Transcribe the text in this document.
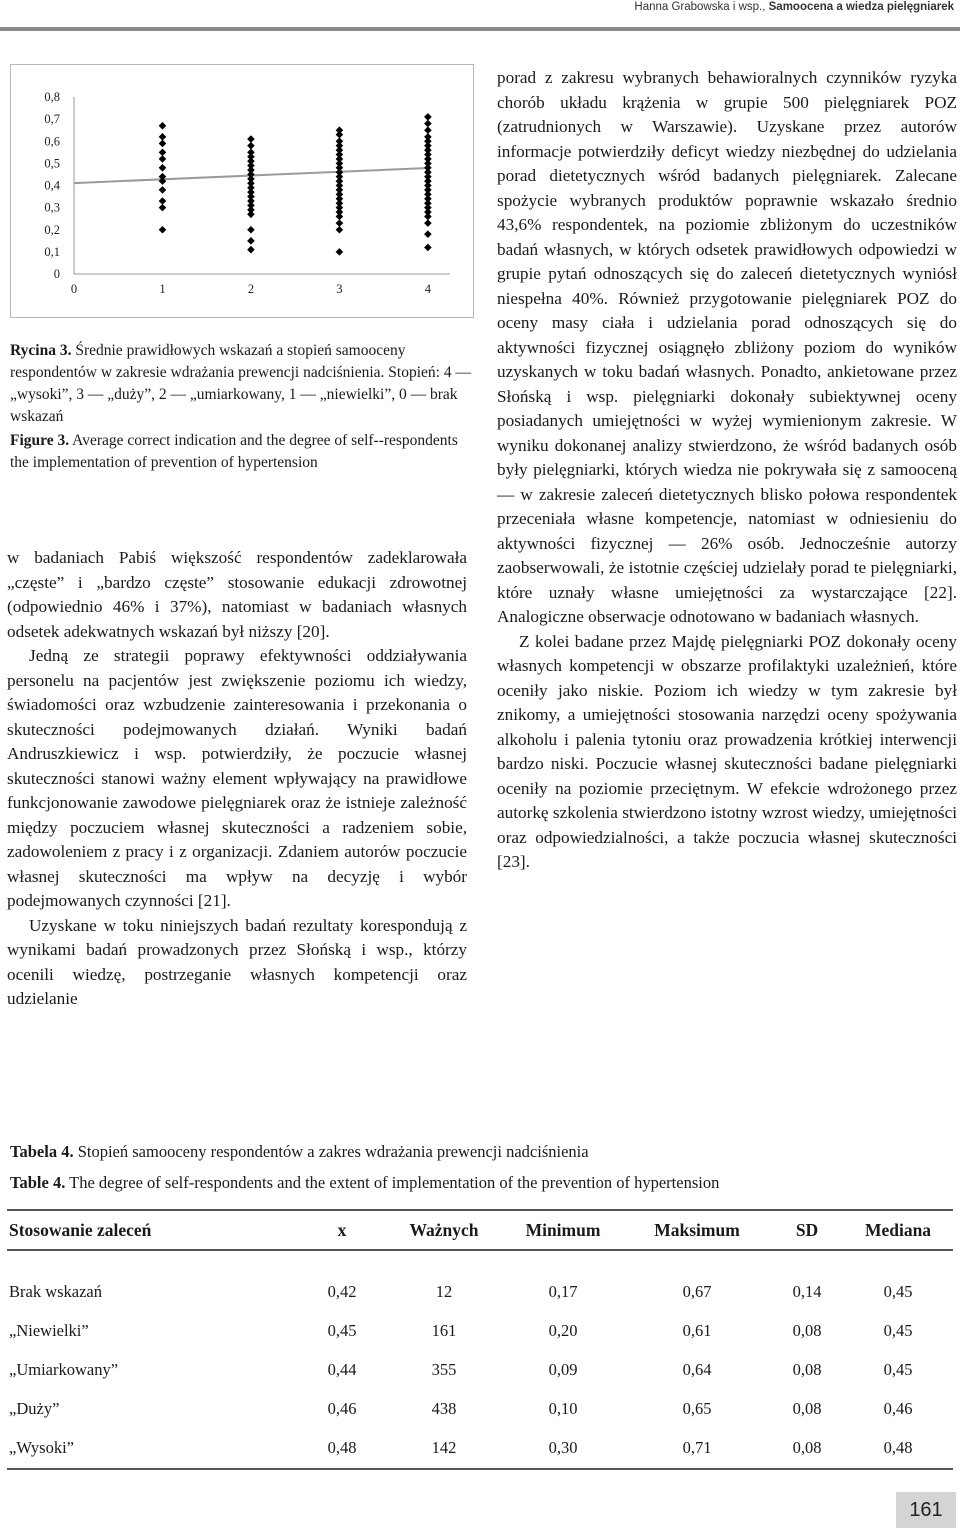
Hanna Grabowska i wsp., Samoocena a wiedza pielęgniarek
0
0,1
0,2
0,3
0,4
0,5
0,6
0,7
0,8
0	1	2	3	4
Rycina 3. Średnie prawidłowych wskazań a stopień samooceny respondentów w zakresie wdrażania prewencji nadciśnienia. Stopień: 4 — „wysoki”, 3 — „duży”, 2 — „umiarkowany, 1 — „niewielki”, 0 — brak wskazań
Figure 3. Average correct indication and the degree of self--respondents the implementation of prevention of hypertension

w badaniach Pabiś większość respondentów zadeklarowała „częste” i „bardzo częste” stosowanie edukacji zdrowotnej (odpowiednio 46% i 37%), natomiast w badaniach własnych odsetek adekwatnych wskazań był niższy [20].

Jedną ze strategii poprawy efektywności oddziaływania personelu na pacjentów jest zwiększenie poziomu ich wiedzy, świadomości oraz wzbudzenie zainteresowania i przekonania o skuteczności podejmowanych działań. Wyniki badań Andruszkiewicz i wsp. potwierdziły, że poczucie własnej skuteczności stanowi ważny element wpływający na prawidłowe funkcjonowanie zawodowe pielęgniarek oraz że istnieje zależność między poczuciem własnej skuteczności a radzeniem sobie, zadowoleniem z pracy i z organizacji. Zdaniem autorów poczucie własnej skuteczności ma wpływ na decyzję i wybór podejmowanych czynności [21].

Uzyskane w toku niniejszych badań rezultaty korespondują z wynikami badań prowadzonych przez Słońską i wsp., którzy ocenili wiedzę, postrzeganie własnych kompetencji oraz udzielanie

porad z zakresu wybranych behawioralnych czynników ryzyka chorób układu krążenia w grupie 500 pielęgniarek POZ (zatrudnionych w Warszawie). Uzyskane przez autorów informacje potwierdziły deficyt wiedzy niezbędnej do udzielania porad dietetycznych wśród badanych pielęgniarek. Zalecane spożycie wybranych produktów poprawnie wskazało średnio 43,6% respondentek, na poziomie zbliżonym do uczestników badań własnych, w których odsetek prawidłowych odpowiedzi w grupie pytań odnoszących się do zaleceń dietetycznych wyniósł niespełna 40%. Również przygotowanie pielęgniarek POZ do oceny masy ciała i udzielania porad odnoszących się do aktywności fizycznej osiągnęło zbliżony poziom do wyników uzyskanych w toku badań własnych. Ponadto, ankietowane przez Słońską i wsp. pielęgniarki dokonały subiektywnej oceny posiadanych umiejętności w wyżej wymienionym zakresie. W wyniku dokonanej analizy stwierdzono, że wśród badanych osób były pielęgniarki, których wiedza nie pokrywała się z samooceną — w zakresie zaleceń dietetycznych blisko połowa respondentek przeceniała własne kompetencje, natomiast w odniesieniu do aktywności fizycznej — 26% osób. Jednocześnie autorzy zaobserwowali, że istotnie częściej udzielały porad te pielęgniarki, które uznały własne umiejętności za wystarczające [22]. Analogiczne obserwacje odnotowano w badaniach własnych.

Z kolei badane przez Majdę pielęgniarki POZ dokonały oceny własnych kompetencji w obszarze profilaktyki uzależnień, które oceniły jako niskie. Poziom ich wiedzy w tym zakresie był znikomy, a umiejętności stosowania narzędzi oceny spożywania alkoholu i palenia tytoniu oraz prowadzenia krótkiej interwencji bardzo niski. Poczucie własnej skuteczności badane pielęgniarki oceniły na poziomie przeciętnym. W efekcie wdrożonego przez autorkę szkolenia stwierdzono istotny wzrost wiedzy, umiejętności oraz odpowiedzialności, a także poczucia własnej skuteczności [23].

Tabela 4. Stopień samooceny respondentów a zakres wdrażania prewencji nadciśnienia
Table 4. The degree of self-respondents and the extent of implementation of the prevention of hypertension
Stosowanie zaleceń	x	Ważnych	Minimum	Maksimum	SD	Mediana
Brak wskazań	0,42	12	0,17	0,67	0,14	0,45
„Niewielki”	0,45	161	0,20	0,61	0,08	0,45
„Umiarkowany”	0,44	355	0,09	0,64	0,08	0,45
„Duży”	0,46	438	0,10	0,65	0,08	0,46
„Wysoki”	0,48	142	0,30	0,71	0,08	0,48
161
